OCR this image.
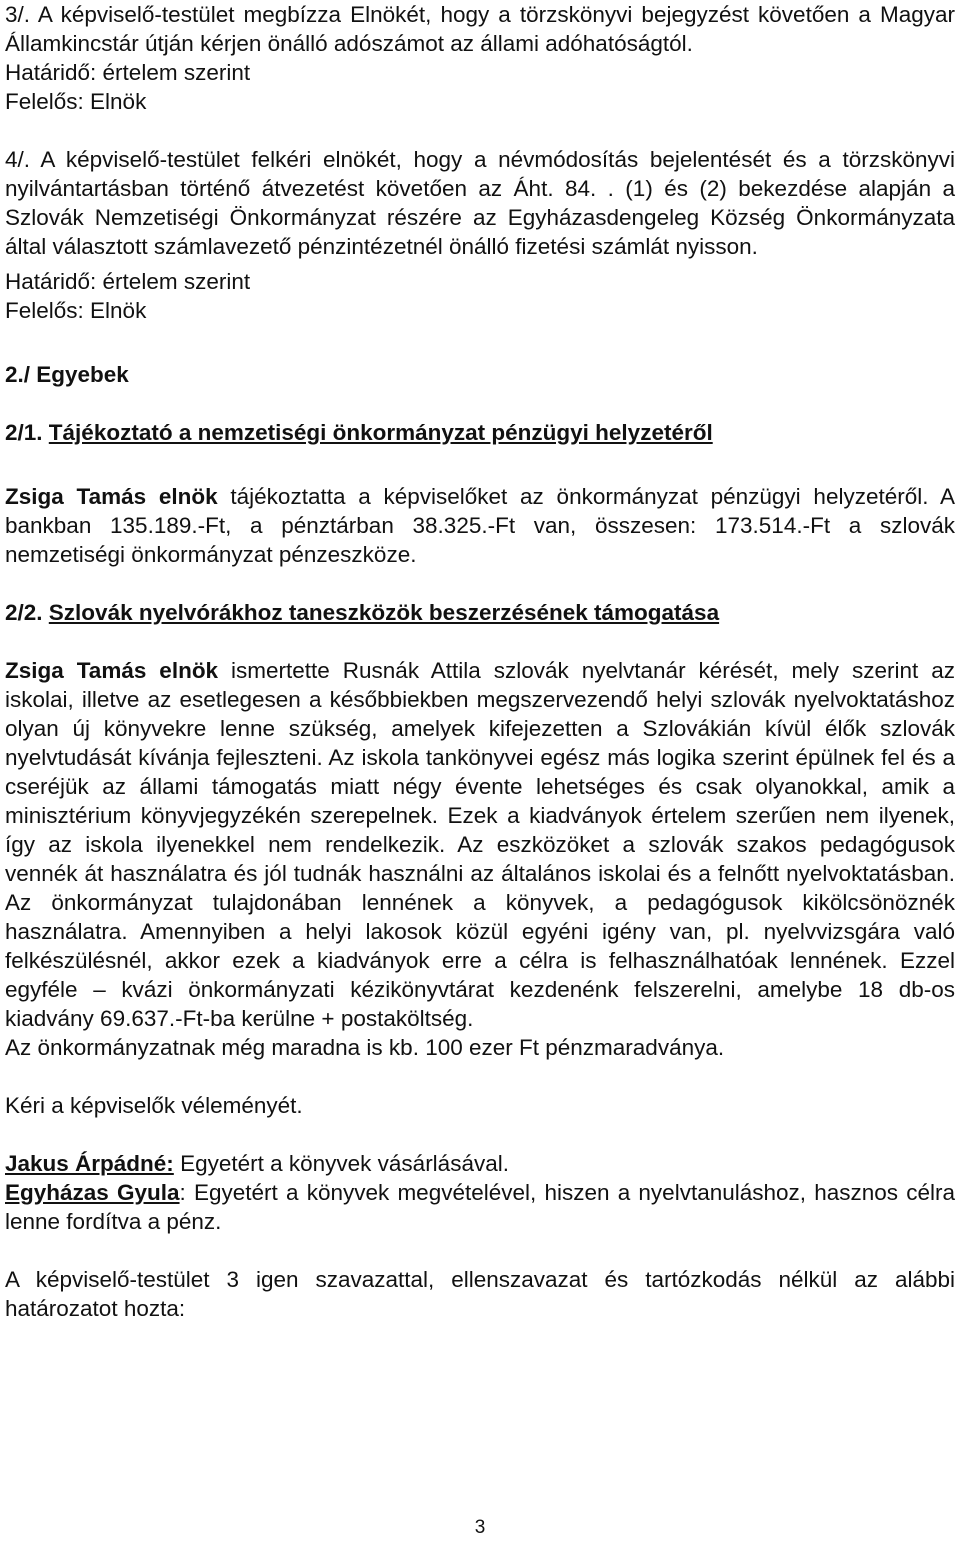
3/. A képviselő-testület megbízza Elnökét, hogy a törzskönyvi bejegyzést követően a Magyar Államkincstár útján kérjen önálló adószámot az állami adóhatóságtól.

Határidő: értelem szerint

Felelős: Elnök

4/. A képviselő-testület felkéri elnökét, hogy a névmódosítás bejelentését és a törzskönyvi nyilvántartásban történő átvezetést követően az Áht. 84. . (1) és (2) bekezdése alapján a Szlovák Nemzetiségi Önkormányzat részére az Egyházasdengeleg Község Önkormányzata által választott számlavezető pénzintézetnél önálló fizetési számlát nyisson.

Határidő: értelem szerint

Felelős: Elnök

2./ Egyebek

2/1. Tájékoztató a nemzetiségi önkormányzat pénzügyi helyzetéről

Zsiga Tamás elnök tájékoztatta a képviselőket az önkormányzat pénzügyi helyzetéről. A bankban 135.189.-Ft, a pénztárban 38.325.-Ft van, összesen: 173.514.-Ft a szlovák nemzetiségi önkormányzat pénzeszköze.

2/2. Szlovák nyelvórákhoz taneszközök beszerzésének támogatása

Zsiga Tamás elnök ismertette Rusnák Attila szlovák nyelvtanár kérését, mely szerint az iskolai, illetve az esetlegesen a későbbiekben megszervezendő helyi szlovák nyelvoktatáshoz olyan új könyvekre lenne szükség, amelyek kifejezetten a Szlovákián kívül élők szlovák nyelvtudását kívánja fejleszteni. Az iskola tankönyvei egész más logika szerint épülnek fel és a cseréjük az állami támogatás miatt négy évente lehetséges és csak olyanokkal, amik a minisztérium könyvjegyzékén szerepelnek. Ezek a kiadványok értelem szerűen nem ilyenek, így az iskola ilyenekkel nem rendelkezik. Az eszközöket a szlovák szakos pedagógusok vennék át használatra és jól tudnák használni az általános iskolai és a felnőtt nyelvoktatásban. Az önkormányzat tulajdonában lennének a könyvek, a pedagógusok kikölcsönöznék használatra. Amennyiben a helyi lakosok közül egyéni igény van, pl. nyelvvizsgára való felkészülésnél, akkor ezek a kiadványok erre a célra is felhasználhatóak lennének. Ezzel egyféle – kvázi önkormányzati kézikönyvtárat kezdenénk felszerelni, amelybe 18 db-os kiadvány 69.637.-Ft-ba kerülne + postaköltség.

Az önkormányzatnak még maradna is kb. 100 ezer Ft pénzmaradványa.

Kéri a képviselők véleményét.

Jakus Árpádné: Egyetért a könyvek vásárlásával.

Egyházas Gyula: Egyetért a könyvek megvételével, hiszen a nyelvtanuláshoz, hasznos célra lenne fordítva a pénz.

A képviselő-testület 3 igen szavazattal, ellenszavazat és tartózkodás nélkül az alábbi határozatot hozta:

3
